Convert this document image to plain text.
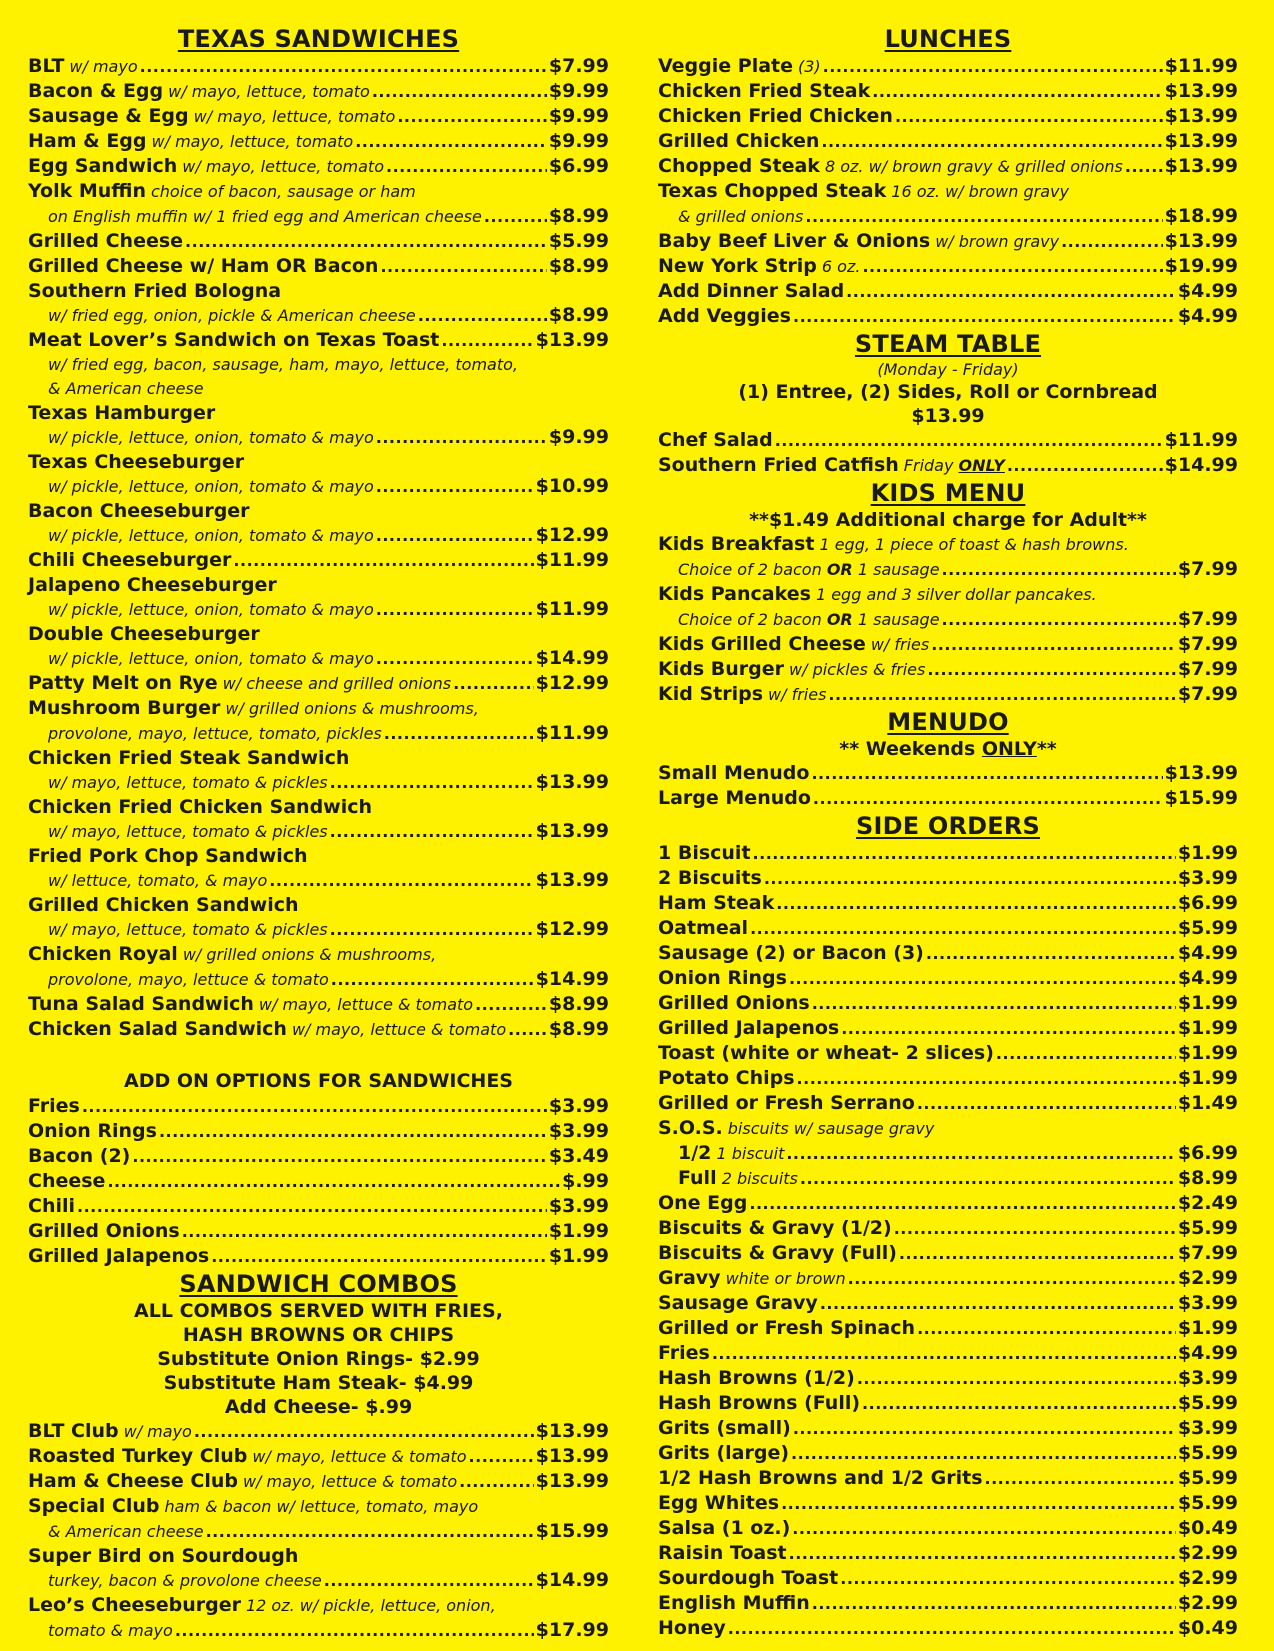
TEXAS SANDWICHES
BLT w/ mayo .....	$7.99
Bacon & Egg w/ mayo, lettuce, tomato .....	$9.99
Sausage & Egg w/ mayo, lettuce, tomato .....	$9.99
Ham & Egg w/ mayo, lettuce, tomato .....	$9.99
Egg Sandwich w/ mayo, lettuce, tomato .....	$6.99
Yolk Muffin choice of bacon, sausage or ham
on English muffin w/ 1 fried egg and American cheese .....	$8.99
Grilled Cheese .....	$5.99
Grilled Cheese w/ Ham OR Bacon .....	$8.99
Southern Fried Bologna
w/ fried egg, onion, pickle & American cheese .....	$8.99
Meat Lover’s Sandwich on Texas Toast .....	$13.99
w/ fried egg, bacon, sausage, ham, mayo, lettuce, tomato,
& American cheese
Texas Hamburger
w/ pickle, lettuce, onion, tomato & mayo .....	$9.99
Texas Cheeseburger
w/ pickle, lettuce, onion, tomato & mayo .....	$10.99
Bacon Cheeseburger
w/ pickle, lettuce, onion, tomato & mayo .....	$12.99
Chili Cheeseburger .....	$11.99
Jalapeno Cheeseburger
w/ pickle, lettuce, onion, tomato & mayo .....	$11.99
Double Cheeseburger
w/ pickle, lettuce, onion, tomato & mayo .....	$14.99
Patty Melt on Rye w/ cheese and grilled onions .....	$12.99
Mushroom Burger w/ grilled onions & mushrooms,
provolone, mayo, lettuce, tomato, pickles .....	$11.99
Chicken Fried Steak Sandwich
w/ mayo, lettuce, tomato & pickles .....	$13.99
Chicken Fried Chicken Sandwich
w/ mayo, lettuce, tomato & pickles .....	$13.99
Fried Pork Chop Sandwich
w/ lettuce, tomato, & mayo .....	$13.99
Grilled Chicken Sandwich
w/ mayo, lettuce, tomato & pickles .....	$12.99
Chicken Royal w/ grilled onions & mushrooms,
provolone, mayo, lettuce & tomato .....	$14.99
Tuna Salad Sandwich w/ mayo, lettuce & tomato .....	$8.99
Chicken Salad Sandwich w/ mayo, lettuce & tomato ..... $8.99
ADD ON OPTIONS FOR SANDWICHES
Fries .....	$3.99
Onion Rings .....	$3.99
Bacon (2) .....	$3.49
Cheese .....	$.99
Chili .....	$3.99
Grilled Onions .....	$1.99
Grilled Jalapenos .....	$1.99
SANDWICH COMBOS
ALL COMBOS SERVED WITH FRIES,
HASH BROWNS OR CHIPS
Substitute Onion Rings- $2.99
Substitute Ham Steak- $4.99
Add Cheese- $.99
BLT Club w/ mayo .....	$13.99
Roasted Turkey Club w/ mayo, lettuce & tomato .....	$13.99
Ham & Cheese Club w/ mayo, lettuce & tomato .....	$13.99
Special Club ham & bacon w/ lettuce, tomato, mayo
& American cheese .....	$15.99
Super Bird on Sourdough
turkey, bacon & provolone cheese .....	$14.99
Leo’s Cheeseburger 12 oz. w/ pickle, lettuce, onion,
tomato & mayo .....	$17.99
LUNCHES
Veggie Plate (3) .....	$11.99
Chicken Fried Steak .....	$13.99
Chicken Fried Chicken .....	$13.99
Grilled Chicken .....	$13.99
Chopped Steak 8 oz. w/ brown gravy & grilled onions ..... $13.99
Texas Chopped Steak 16 oz. w/ brown gravy
& grilled onions .....	$18.99
Baby Beef Liver & Onions w/ brown gravy .....	$13.99
New York Strip 6 oz. .....	$19.99
Add Dinner Salad .....	$4.99
Add Veggies .....	$4.99
STEAM TABLE
(Monday - Friday)
(1) Entree, (2) Sides, Roll or Cornbread
$13.99
Chef Salad .....	$11.99
Southern Fried Catfish Friday ONLY .....	$14.99
KIDS MENU
**$1.49 Additional charge for Adult**
Kids Breakfast 1 egg, 1 piece of toast & hash browns.
Choice of 2 bacon
OR
1 sausage .....	$7.99
Kids Pancakes 1 egg and 3 silver dollar pancakes.
Choice of 2 bacon
OR
1 sausage .....	$7.99
Kids Grilled Cheese w/ fries .....	$7.99
Kids Burger w/ pickles & fries .....	$7.99
Kid Strips w/ fries .....	$7.99
MENUDO
** Weekends ONLY**
Small Menudo .....	$13.99
Large Menudo .....	$15.99
SIDE ORDERS
1 Biscuit .....	$1.99
2 Biscuits .....	$3.99
Ham Steak .....	$6.99
Oatmeal .....	$5.99
Sausage (2) or Bacon (3) .....	$4.99
Onion Rings .....	$4.99
Grilled Onions .....	$1.99
Grilled Jalapenos .....	$1.99
Toast (white or wheat- 2 slices) .....	$1.99
Potato Chips .....	$1.99
Grilled or Fresh Serrano .....	$1.49
S.O.S. biscuits w/ sausage gravy
1/2
1 biscuit .....	$6.99
Full
2 biscuits .....	$8.99
One Egg .....	$2.49
Biscuits & Gravy (1/2) .....	$5.99
Biscuits & Gravy (Full) .....	$7.99
Gravy white or brown .....	$2.99
Sausage Gravy .....	$3.99
Grilled or Fresh Spinach .....	$1.99
Fries .....	$4.99
Hash Browns (1/2) .....	$3.99
Hash Browns (Full) .....	$5.99
Grits (small) .....	$3.99
Grits (large) .....	$5.99
1/2 Hash Browns and 1/2 Grits .....	$5.99
Egg Whites .....	$5.99
Salsa (1 oz.) .....	$0.49
Raisin Toast .....	$2.99
Sourdough Toast .....	$2.99
English Muffin .....	$2.99
Honey .....	$0.49
